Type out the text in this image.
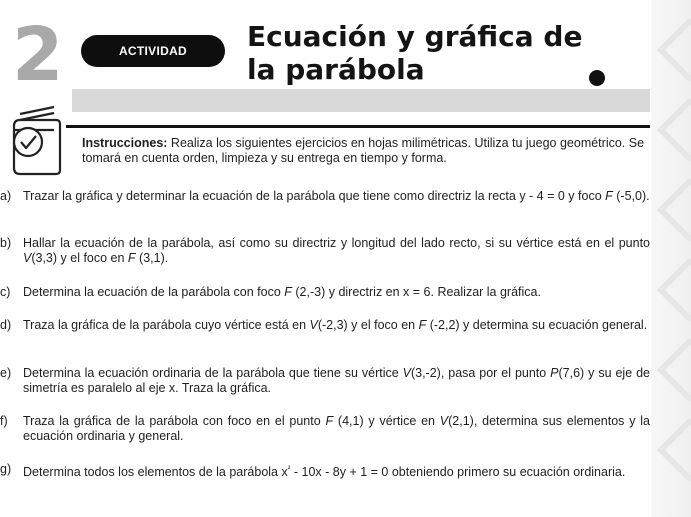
2	ACTIVIDAD Ecuación y gráfica de la parábola
Instrucciones: Realiza los siguientes ejercicios en hojas milimétricas. Utiliza tu juego geométrico. Se tomará en cuenta orden, limpieza y su entrega en tiempo y forma.
a) Trazar la gráfica y determinar la ecuación de la parábola que tiene como directriz la recta y - 4 = 0 y foco F (-5,0).
b) Hallar la ecuación de la parábola, así como su directriz y longitud del lado recto, si su vértice está en el punto V(3,3) y el foco en F (3,1).
c) Determina la ecuación de la parábola con foco F (2,-3) y directriz en x = 6. Realizar la gráfica.
d) Traza la gráfica de la parábola cuyo vértice está en V(-2,3) y el foco en F (-2,2) y determina su ecuación general.
e) Determina la ecuación ordinaria de la parábola que tiene su vértice V(3,-2), pasa por el punto P(7,6) y su eje de simetría es paralelo al eje x. Traza la gráfica.
f) Traza la gráfica de la parábola con foco en el punto F (4,1) y vértice en V(2,1), determina sus elementos y la ecuación ordinaria y general.
g) Determina todos los elementos de la parábola $x^{^2} - 10x - 8y + 1 = 0$ obteniendo primero su ecuación ordinaria.
